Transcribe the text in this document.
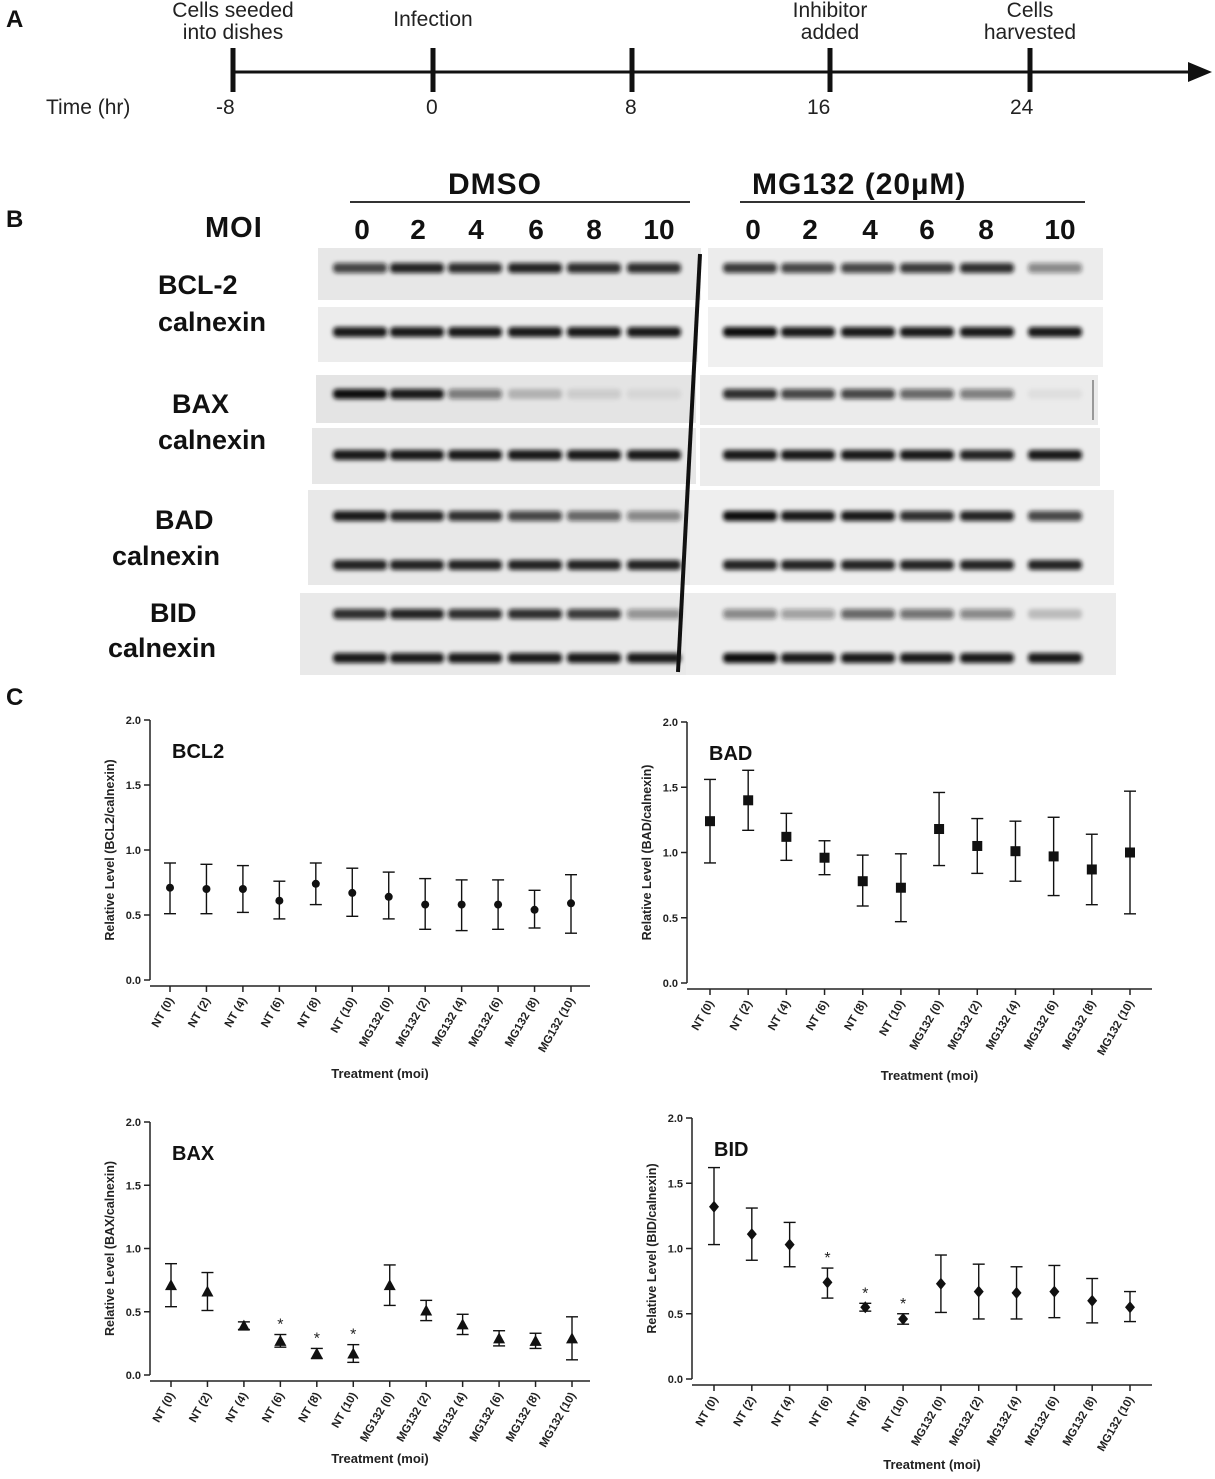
A
B
C
Cells seeded
into dishes
Infection	Inhibitor
added
Cells
harvested
Time (hr)	-8	0	8	16	24
DMSO	MG132 (20µM)
MOI	0	2	4	6	8	10	0	2	4	6	8	10
BCL-2
calnexin
BAX
calnexin
BAD
calnexin
BID
calnexin
0.0
0.5
1.0
1.5
2.0
Relative Level (BCL2/calnexin)
BCL2
NT (0) NT (2) NT (4) NT (6) NT (8) NT (10)
MG132 (0)
MG132 (2)
MG132 (4)
MG132 (6)
MG132 (8)
MG132 (10)
Treatment (moi)
0.0
0.5
1.0
1.5
2.0
Relative Level (BAD/calnexin)
BAD
NT (0) NT (2) NT (4) NT (6) NT (8) NT (10) MG132 (0) MG132 (2) MG132 (4) MG132 (6) MG132 (8)
MG132 (10)
Treatment (moi)
0.0
0.5
1.0
1.5
2.0
Relative Level (BAX/calnexin)
BAX
NT (0) NT (2) NT (4) NT (6) NT (8) NT (10)
MG132 (0)
MG132 (2)
MG132 (4)
MG132 (6)
MG132 (8)
MG132 (10)
Treatment (moi)
*
* *
0.0
0.5
1.0
1.5
2.0
Relative Level (BID/calnexin)
BID
NT (0) NT (2) NT (4) NT (6) NT (8) NT (10) MG132 (0) MG132 (2) MG132 (4) MG132 (6) MG132 (8)
MG132 (10)
Treatment (moi)
*
*
*
